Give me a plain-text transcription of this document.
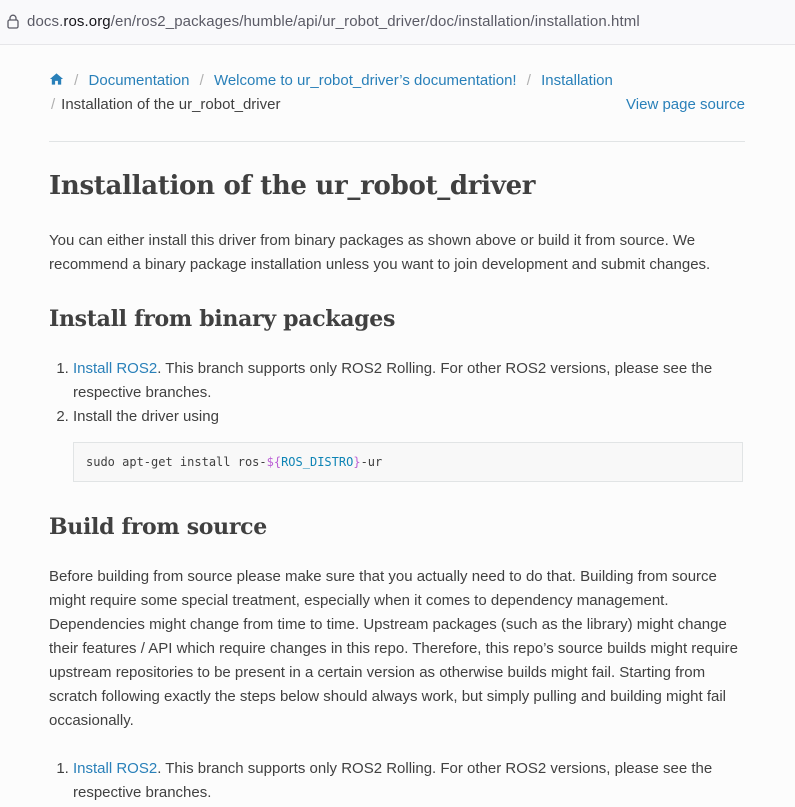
docs.ros.org/en/ros2_packages/humble/api/ur_robot_driver/doc/installation/installation.html
/ Documentation / Welcome to ur_robot_driver’s documentation! / Installation
/ Installation of the ur_robot_driver	View page source
Installation of the ur_robot_driver

You can either install this driver from binary packages as shown above or build it from source. We recommend a binary package installation unless you want to join development and submit changes.

Install from binary packages
1. Install ROS2. This branch supports only ROS2 Rolling. For other ROS2 versions, please see the respective branches.
2. Install the driver using
sudo apt-get install ros-${ROS_DISTRO}-ur
Build from source

Before building from source please make sure that you actually need to do that. Building from source might require some special treatment, especially when it comes to dependency management. Dependencies might change from time to time. Upstream packages (such as the library) might change their features / API which require changes in this repo. Therefore, this repo’s source builds might require upstream repositories to be present in a certain version as otherwise builds might fail. Starting from scratch following exactly the steps below should always work, but simply pulling and building might fail occasionally.

1. Install ROS2. This branch supports only ROS2 Rolling. For other ROS2 versions, please see the respective branches.
